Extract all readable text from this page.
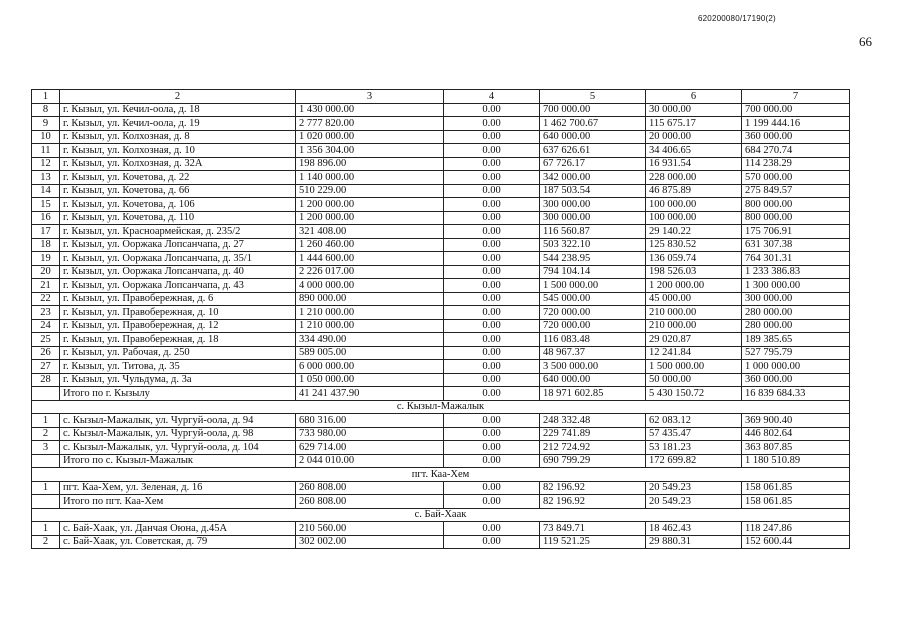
620200080/17190(2)
66
1	2	3	4	5	6	7
8	г. Кызыл, ул. Кечил-оола, д. 18	1 430 000.00	0.00	700 000.00	30 000.00	700 000.00
9	г. Кызыл, ул. Кечил-оола, д. 19	2 777 820.00	0.00	1 462 700.67	115 675.17	1 199 444.16
10	г. Кызыл, ул. Колхозная, д. 8	1 020 000.00	0.00	640 000.00	20 000.00	360 000.00
11	г. Кызыл, ул. Колхозная, д. 10	1 356 304.00	0.00	637 626.61	34 406.65	684 270.74
12	г. Кызыл, ул. Колхозная, д. 32А	198 896.00	0.00	67 726.17	16 931.54	114 238.29
13	г. Кызыл, ул. Кочетова, д. 22	1 140 000.00	0.00	342 000.00	228 000.00	570 000.00
14	г. Кызыл, ул. Кочетова, д. 66	510 229.00	0.00	187 503.54	46 875.89	275 849.57
15	г. Кызыл, ул. Кочетова, д. 106	1 200 000.00	0.00	300 000.00	100 000.00	800 000.00
16	г. Кызыл, ул. Кочетова, д. 110	1 200 000.00	0.00	300 000.00	100 000.00	800 000.00
17	г. Кызыл, ул. Красноармейская, д. 235/2	321 408.00	0.00	116 560.87	29 140.22	175 706.91
18	г. Кызыл, ул. Ооржака Лопсанчапа, д. 27	1 260 460.00	0.00	503 322.10	125 830.52	631 307.38
19	г. Кызыл, ул. Ооржака Лопсанчапа, д. 35/1	1 444 600.00	0.00	544 238.95	136 059.74	764 301.31
20	г. Кызыл, ул. Ооржака Лопсанчапа, д. 40	2 226 017.00	0.00	794 104.14	198 526.03	1 233 386.83
21	г. Кызыл, ул. Ооржака Лопсанчапа, д. 43	4 000 000.00	0.00	1 500 000.00	1 200 000.00	1 300 000.00
22	г. Кызыл, ул. Правобережная, д. 6	890 000.00	0.00	545 000.00	45 000.00	300 000.00
23	г. Кызыл, ул. Правобережная, д. 10	1 210 000.00	0.00	720 000.00	210 000.00	280 000.00
24	г. Кызыл, ул. Правобережная, д. 12	1 210 000.00	0.00	720 000.00	210 000.00	280 000.00
25	г. Кызыл, ул. Правобережная, д. 18	334 490.00	0.00	116 083.48	29 020.87	189 385.65
26	г. Кызыл, ул. Рабочая, д. 250	589 005.00	0.00	48 967.37	12 241.84	527 795.79
27	г. Кызыл, ул. Титова, д. 35	6 000 000.00	0.00	3 500 000.00	1 500 000.00	1 000 000.00
28	г. Кызыл, ул. Чульдума, д. 3а	1 050 000.00	0.00	640 000.00	50 000.00	360 000.00
	Итого по г. Кызылу	41 241 437.90	0.00	18 971 602.85	5 430 150.72	16 839 684.33
с. Кызыл-Мажалык						
1	с. Кызыл-Мажалык, ул. Чургуй-оола, д. 94	680 316.00	0.00	248 332.48	62 083.12	369 900.40
2	с. Кызыл-Мажалык, ул. Чургуй-оола, д. 98	733 980.00	0.00	229 741.89	57 435.47	446 802.64
3	с. Кызыл-Мажалык, ул. Чургуй-оола, д. 104	629 714.00	0.00	212 724.92	53 181.23	363 807.85
	Итого по с. Кызыл-Мажалык	2 044 010.00	0.00	690 799.29	172 699.82	1 180 510.89
пгт. Каа-Хем						
1	пгт. Каа-Хем, ул. Зеленая, д. 16	260 808.00	0.00	82 196.92	20 549.23	158 061.85
	Итого по пгт. Каа-Хем	260 808.00	0.00	82 196.92	20 549.23	158 061.85
с. Бай-Хаак						
1	с. Бай-Хаак, ул. Данчая Оюна, д.45А	210 560.00	0.00	73 849.71	18 462.43	118 247.86
2	с. Бай-Хаак, ул. Советская, д. 79	302 002.00	0.00	119 521.25	29 880.31	152 600.44
